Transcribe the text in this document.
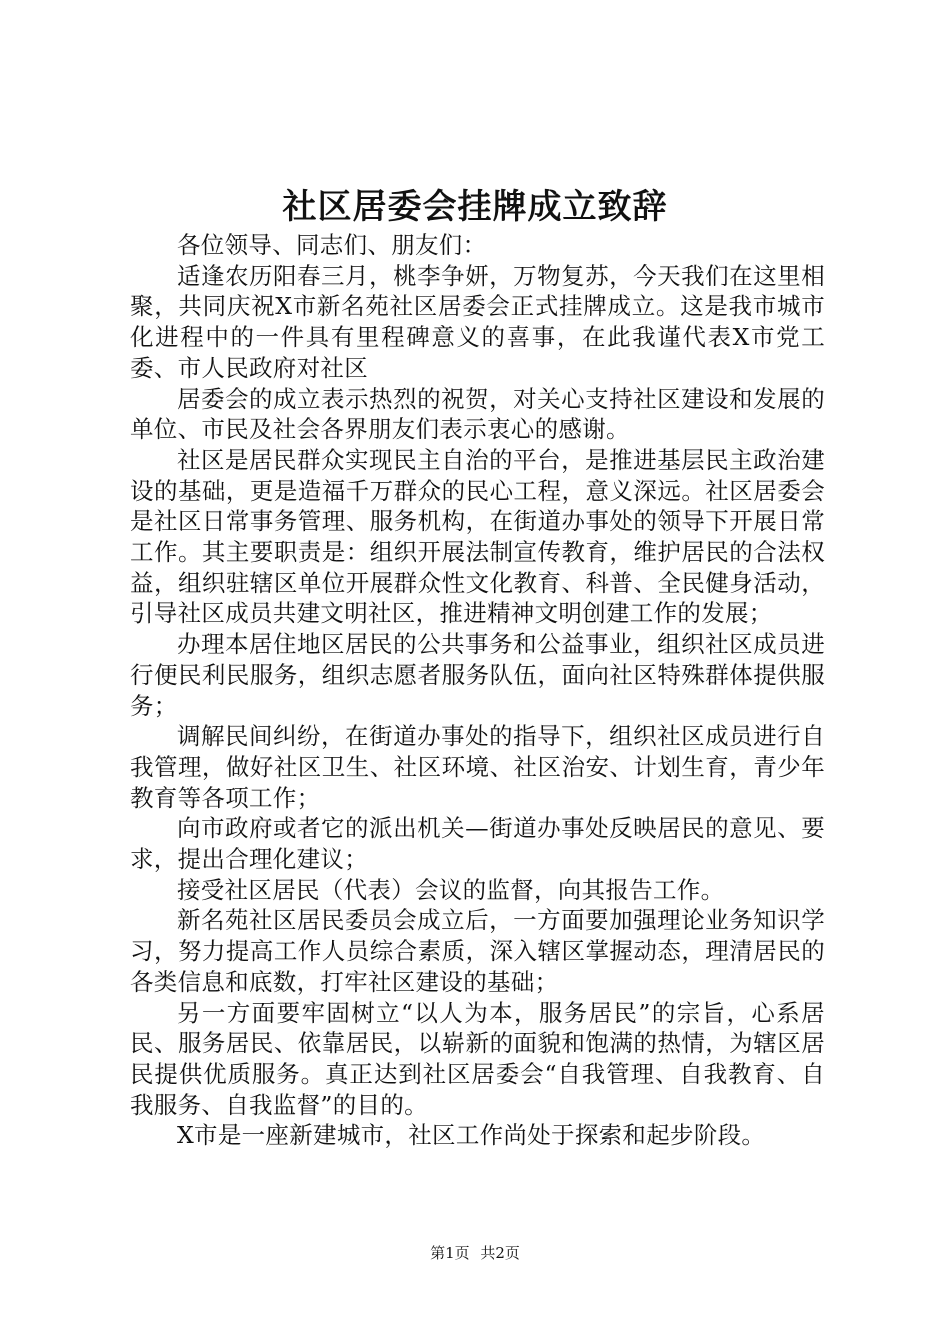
社区居委会挂牌成立致辞

各位领导、同志们、朋友们：

适逢农历阳春三月，桃李争妍，万物复苏，今天我们在这里相聚，共同庆祝X市新名苑社区居委会正式挂牌成立。这是我市城市化进程中的一件具有里程碑意义的喜事，在此我谨代表X市党工委、市人民政府对社区

居委会的成立表示热烈的祝贺，对关心支持社区建设和发展的单位、市民及社会各界朋友们表示衷心的感谢。

社区是居民群众实现民主自治的平台，是推进基层民主政治建设的基础，更是造福千万群众的民心工程，意义深远。社区居委会是社区日常事务管理、服务机构，在街道办事处的领导下开展日常工作。其主要职责是：组织开展法制宣传教育，维护居民的合法权益，组织驻辖区单位开展群众性文化教育、科普、全民健身活动，引导社区成员共建文明社区，推进精神文明创建工作的发展；

办理本居住地区居民的公共事务和公益事业，组织社区成员进行便民利民服务，组织志愿者服务队伍，面向社区特殊群体提供服务；

调解民间纠纷，在街道办事处的指导下，组织社区成员进行自我管理，做好社区卫生、社区环境、社区治安、计划生育，青少年教育等各项工作；

向市政府或者它的派出机关—街道办事处反映居民的意见、要求，提出合理化建议；

接受社区居民（代表）会议的监督，向其报告工作。

新名苑社区居民委员会成立后，一方面要加强理论业务知识学习，努力提高工作人员综合素质，深入辖区掌握动态，理清居民的各类信息和底数，打牢社区建设的基础；

另一方面要牢固树立“以人为本，服务居民”的宗旨，心系居民、服务居民、依靠居民，以崭新的面貌和饱满的热情，为辖区居民提供优质服务。真正达到社区居委会“自我管理、自我教育、自我服务、自我监督”的目的。

X市是一座新建城市，社区工作尚处于探索和起步阶段。

第1页 共2页
